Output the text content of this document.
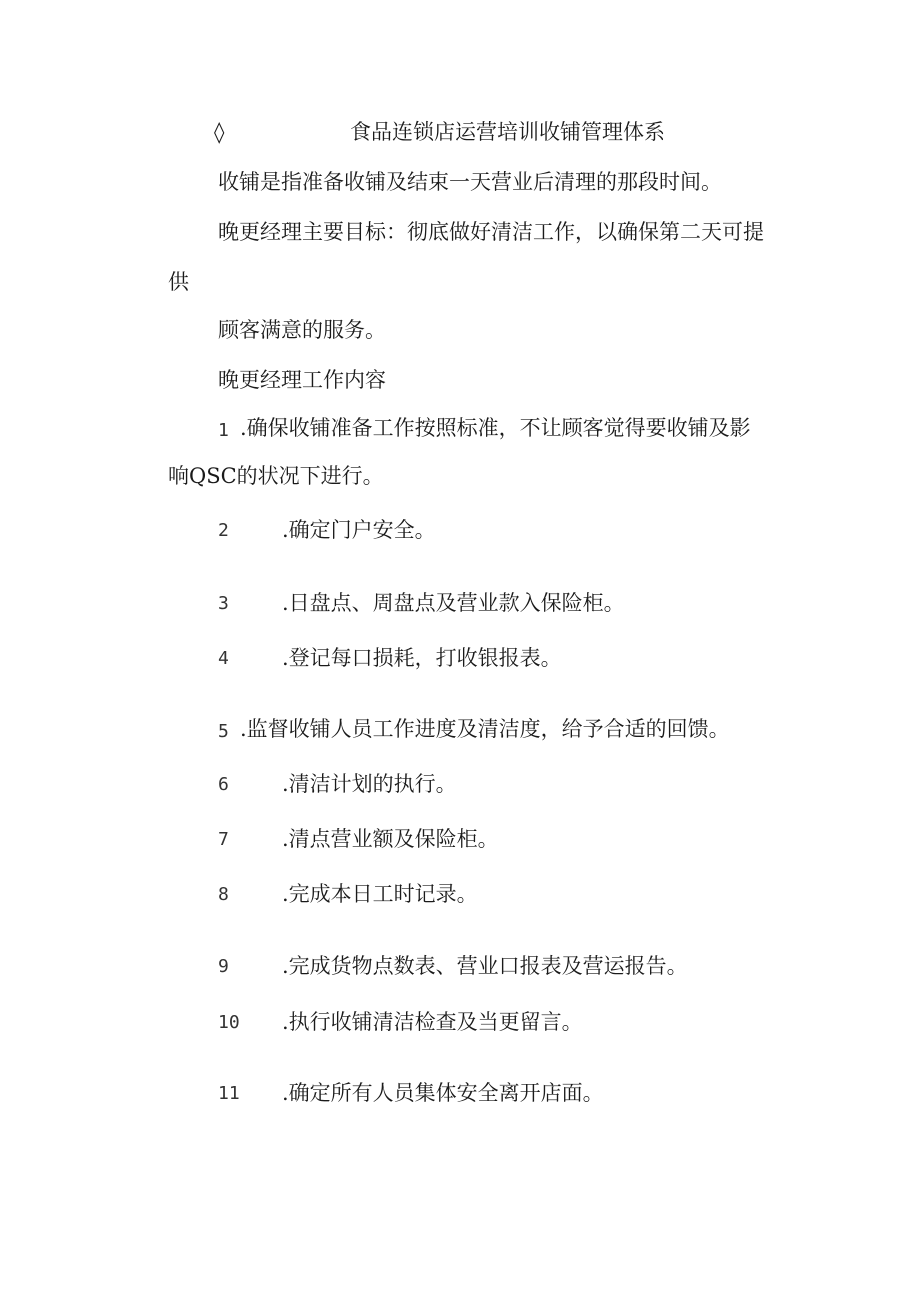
◊	食品连锁店运营培训收铺管理体系
收铺是指准备收铺及结束一天营业后清理的那段时间。
晚更经理主要目标：彻底做好清洁工作，以确保第二天可提
供
顾客满意的服务。
晚更经理工作内容
1 .确保收铺准备工作按照标准，不让顾客觉得要收铺及影
响QSC的状况下进行。
2	.确定门户安全。
3	.日盘点、周盘点及营业款入保险柜。
4	.登记每口损耗，打收银报表。
5 .监督收铺人员工作进度及清洁度，给予合适的回馈。
6	.清洁计划的执行。
7	.清点营业额及保险柜。
8	.完成本日工时记录。
9	.完成货物点数表、营业口报表及营运报告。
10 .执行收铺清洁检查及当更留言。
11 .确定所有人员集体安全离开店面。
